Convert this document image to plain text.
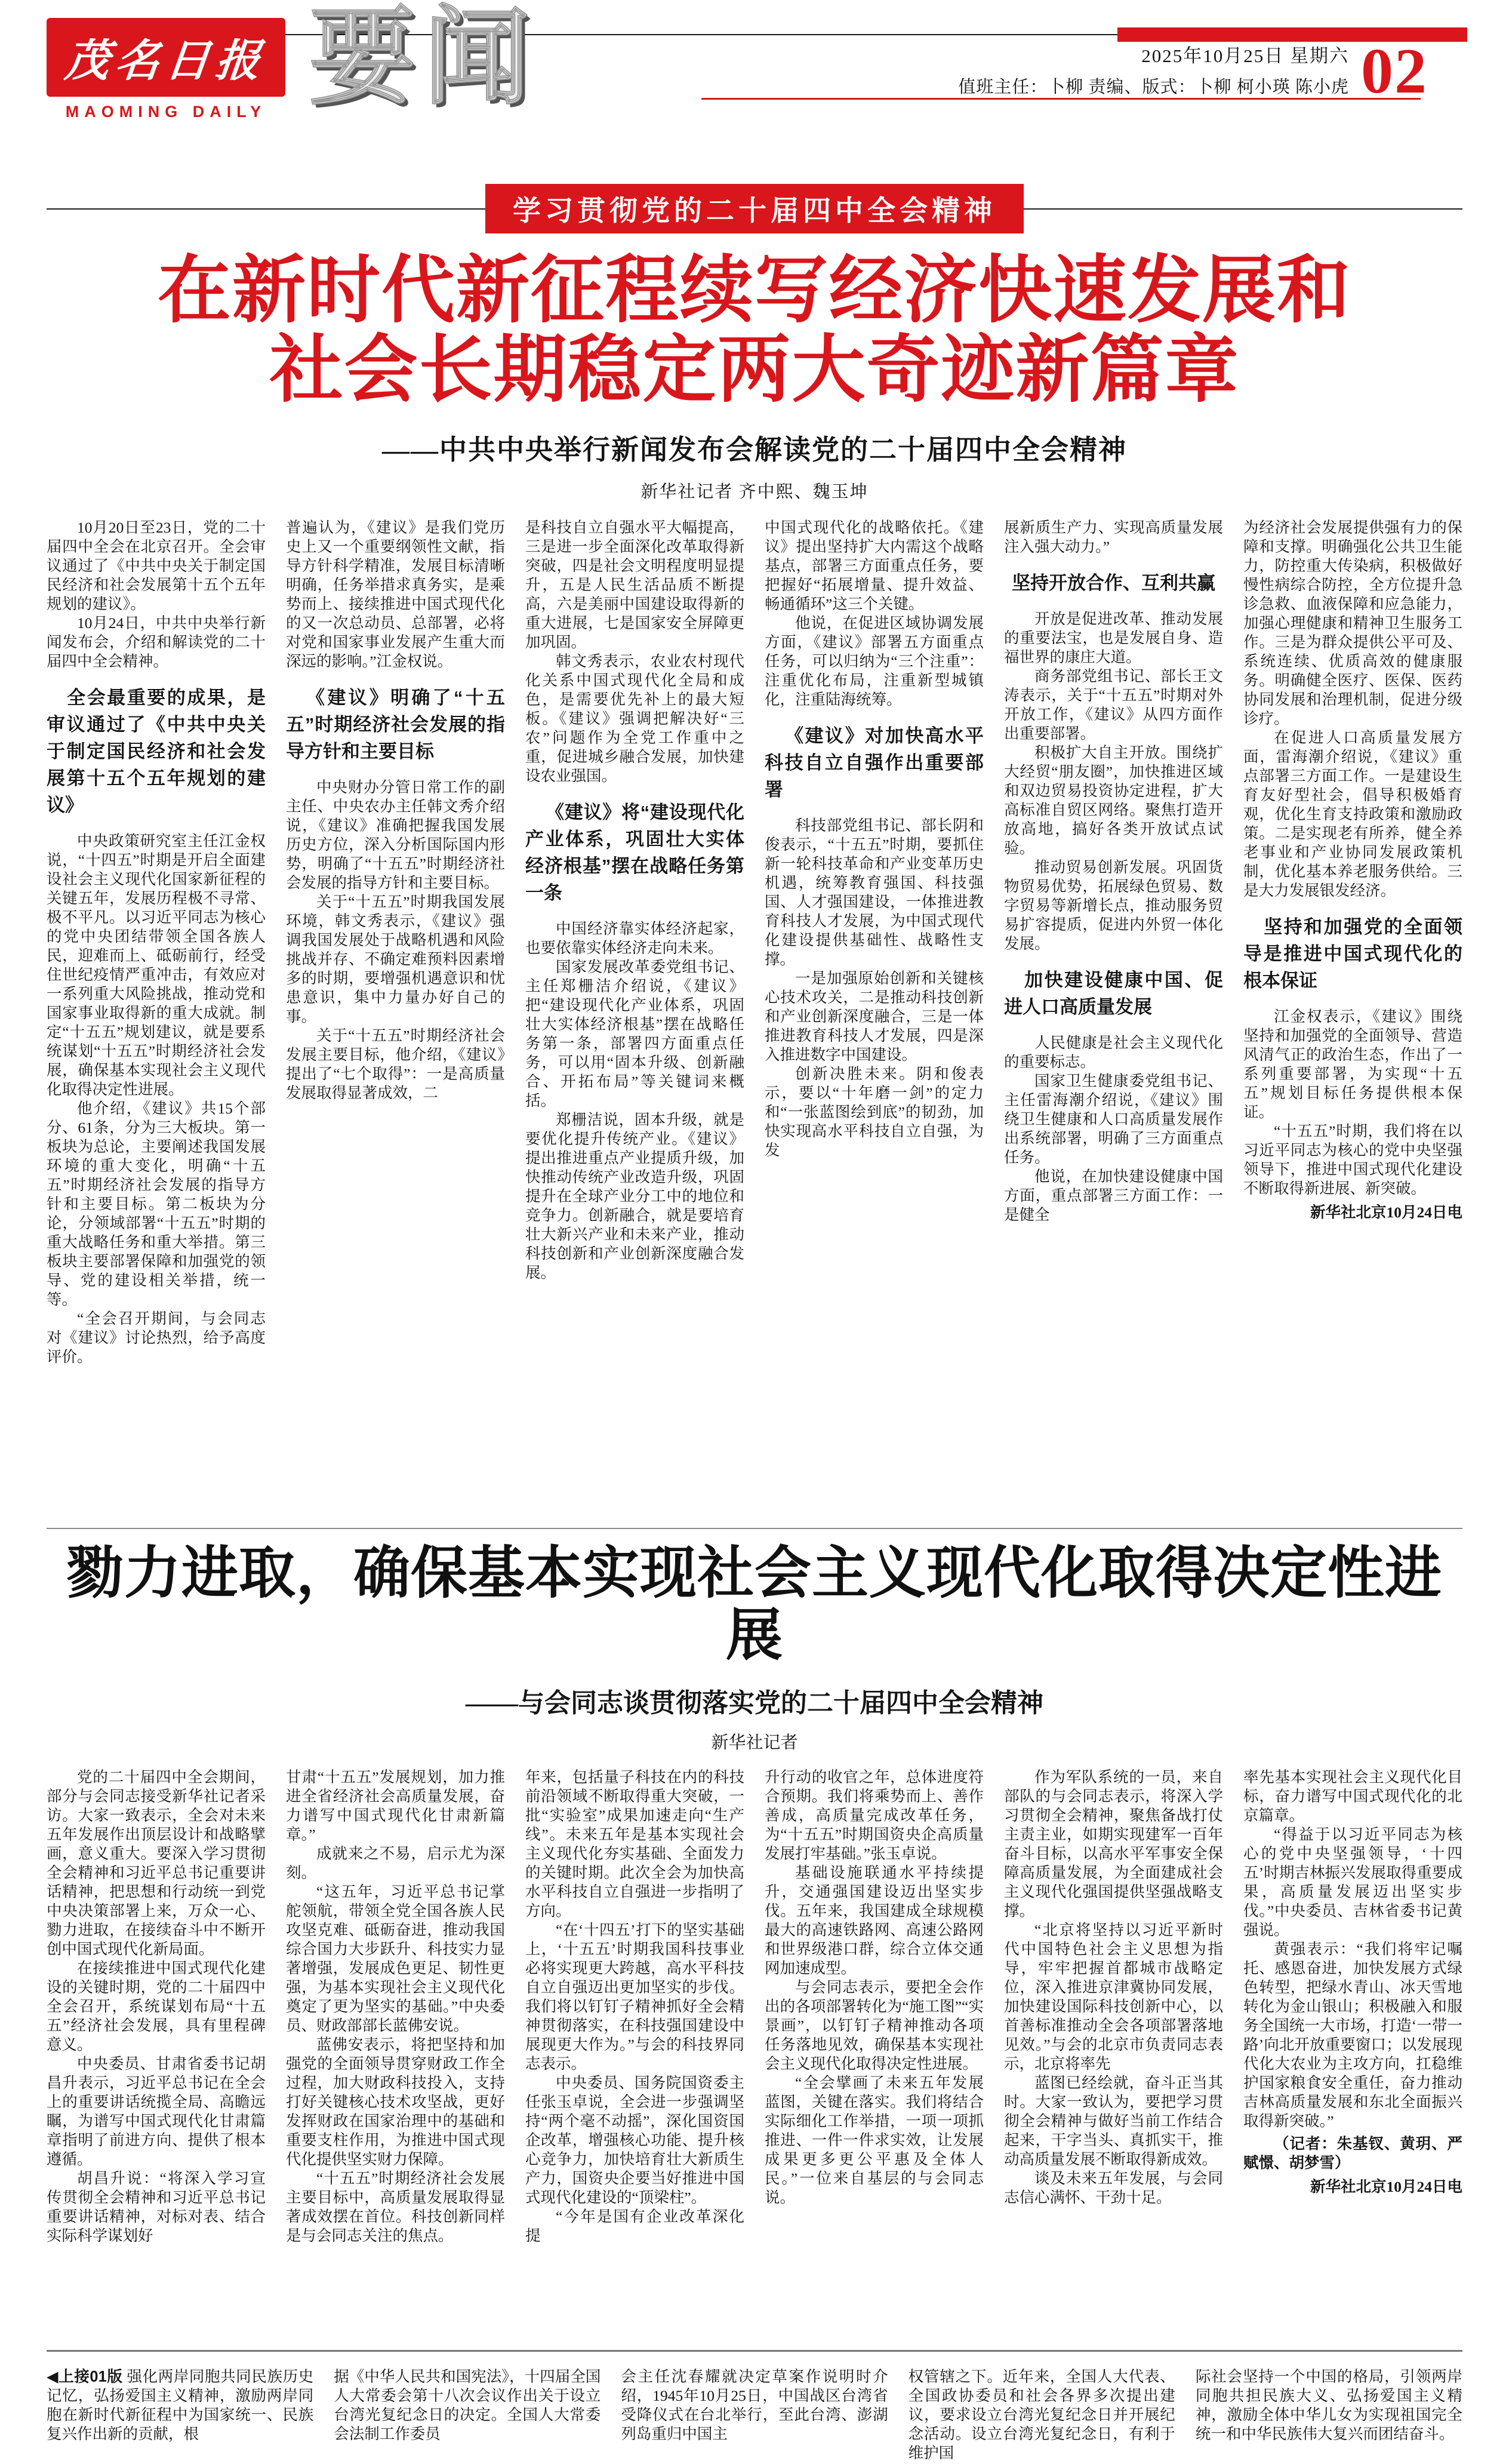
茂名日报
MAOMING DAILY 要闻	2025年10月25日 星期六
值班主任：卜柳 责编、版式：卜柳 柯小瑛 陈小虎 02
学习贯彻党的二十届四中全会精神
在新时代新征程续写经济快速发展和
社会长期稳定两大奇迹新篇章
——中共中央举行新闻发布会解读党的二十届四中全会精神
新华社记者 齐中熙、魏玉坤

10月20日至23日，党的二十届四中全会在北京召开。全会审议通过了《中共中央关于制定国民经济和社会发展第十五个五年规划的建议》。

10月24日，中共中央举行新闻发布会，介绍和解读党的二十届四中全会精神。

全会最重要的成果，是审议通过了《中共中央关于制定国民经济和社会发展第十五个五年规划的建议》

中央政策研究室主任江金权说，“十四五”时期是开启全面建设社会主义现代化国家新征程的关键五年，发展历程极不寻常、极不平凡。以习近平同志为核心的党中央团结带领全国各族人民，迎难而上、砥砺前行，经受住世纪疫情严重冲击，有效应对一系列重大风险挑战，推动党和国家事业取得新的重大成就。制定“十五五”规划建议，就是要系统谋划“十五五”时期经济社会发展，确保基本实现社会主义现代化取得决定性进展。

他介绍，《建议》共15个部分、61条，分为三大板块。第一板块为总论，主要阐述我国发展环境的重大变化，明确“十五五”时期经济社会发展的指导方针和主要目标。第二板块为分论，分领域部署“十五五”时期的重大战略任务和重大举措。第三板块主要部署保障和加强党的领导、党的建设相关举措，统一等。

“全会召开期间，与会同志对《建议》讨论热烈，给予高度评价。

普遍认为，《建议》是我们党历史上又一个重要纲领性文献，指导方针科学精准，发展目标清晰明确，任务举措求真务实，是乘势而上、接续推进中国式现代化的又一次总动员、总部署，必将对党和国家事业发展产生重大而深远的影响。”江金权说。

《建议》明确了“十五五”时期经济社会发展的指导方针和主要目标

中央财办分管日常工作的副主任、中央农办主任韩文秀介绍说，《建议》准确把握我国发展历史方位，深入分析国际国内形势，明确了“十五五”时期经济社会发展的指导方针和主要目标。

关于“十五五”时期我国发展环境，韩文秀表示，《建议》强调我国发展处于战略机遇和风险挑战并存、不确定难预料因素增多的时期，要增强机遇意识和忧患意识，集中力量办好自己的事。

关于“十五五”时期经济社会发展主要目标，他介绍，《建议》提出了“七个取得”：一是高质量发展取得显著成效，二

是科技自立自强水平大幅提高，三是进一步全面深化改革取得新突破，四是社会文明程度明显提升，五是人民生活品质不断提高，六是美丽中国建设取得新的重大进展，七是国家安全屏障更加巩固。

韩文秀表示，农业农村现代化关系中国式现代化全局和成色，是需要优先补上的最大短板。《建议》强调把解决好“三农”问题作为全党工作重中之重，促进城乡融合发展，加快建设农业强国。

《建议》将“建设现代化产业体系，巩固壮大实体经济根基”摆在战略任务第一条

中国经济靠实体经济起家，也要依靠实体经济走向未来。

国家发展改革委党组书记、主任郑栅洁介绍说，《建议》把“建设现代化产业体系，巩固壮大实体经济根基”摆在战略任务第一条，部署四方面重点任务，可以用“固本升级、创新融合、开拓布局”等关键词来概括。

郑栅洁说，固本升级，就是要优化提升传统产业。《建议》提出推进重点产业提质升级，加快推动传统产业改造升级，巩固提升在全球产业分工中的地位和竞争力。创新融合，就是要培育壮大新兴产业和未来产业，推动科技创新和产业创新深度融合发展。

中国式现代化的战略依托。《建议》提出坚持扩大内需这个战略基点，部署三方面重点任务，要把握好“拓展增量、提升效益、畅通循环”这三个关键。

他说，在促进区域协调发展方面，《建议》部署五方面重点任务，可以归纳为“三个注重”：注重优化布局，注重新型城镇化，注重陆海统筹。

《建议》对加快高水平科技自立自强作出重要部署

科技部党组书记、部长阴和俊表示，“十五五”时期，要抓住新一轮科技革命和产业变革历史机遇，统筹教育强国、科技强国、人才强国建设，一体推进教育科技人才发展，为中国式现代化建设提供基础性、战略性支撑。

一是加强原始创新和关键核心技术攻关，二是推动科技创新和产业创新深度融合，三是一体推进教育科技人才发展，四是深入推进数字中国建设。

创新决胜未来。阴和俊表示，要以“十年磨一剑”的定力和“一张蓝图绘到底”的韧劲，加快实现高水平科技自立自强，为发

展新质生产力、实现高质量发展注入强大动力。”

坚持开放合作、互利共赢

开放是促进改革、推动发展的重要法宝，也是发展自身、造福世界的康庄大道。

商务部党组书记、部长王文涛表示，关于“十五五”时期对外开放工作，《建议》从四方面作出重要部署。

积极扩大自主开放。围绕扩大经贸“朋友圈”，加快推进区域和双边贸易投资协定进程，扩大高标准自贸区网络。聚焦打造开放高地，搞好各类开放试点试验。

推动贸易创新发展。巩固货物贸易优势，拓展绿色贸易、数字贸易等新增长点，推动服务贸易扩容提质，促进内外贸一体化发展。

加快建设健康中国、促进人口高质量发展

人民健康是社会主义现代化的重要标志。

国家卫生健康委党组书记、主任雷海潮介绍说，《建议》围绕卫生健康和人口高质量发展作出系统部署，明确了三方面重点任务。

他说，在加快建设健康中国方面，重点部署三方面工作：一是健全

为经济社会发展提供强有力的保障和支撑。明确强化公共卫生能力，防控重大传染病，积极做好慢性病综合防控，全方位提升急诊急救、血液保障和应急能力，加强心理健康和精神卫生服务工作。三是为群众提供公平可及、系统连续、优质高效的健康服务。明确健全医疗、医保、医药协同发展和治理机制，促进分级诊疗。

在促进人口高质量发展方面，雷海潮介绍说，《建议》重点部署三方面工作。一是建设生育友好型社会，倡导积极婚育观，优化生育支持政策和激励政策。二是实现老有所养，健全养老事业和产业协同发展政策机制，优化基本养老服务供给。三是大力发展银发经济。

坚持和加强党的全面领导是推进中国式现代化的根本保证

江金权表示，《建议》围绕坚持和加强党的全面领导、营造风清气正的政治生态，作出了一系列重要部署，为实现“十五五”规划目标任务提供根本保证。

“十五五”时期，我们将在以习近平同志为核心的党中央坚强领导下，推进中国式现代化建设不断取得新进展、新突破。

新华社北京10月24日电

勠力进取，确保基本实现社会主义现代化取得决定性进展
——与会同志谈贯彻落实党的二十届四中全会精神
新华社记者

党的二十届四中全会期间，部分与会同志接受新华社记者采访。大家一致表示，全会对未来五年发展作出顶层设计和战略擘画，意义重大。要深入学习贯彻全会精神和习近平总书记重要讲话精神，把思想和行动统一到党中央决策部署上来，万众一心、勠力进取，在接续奋斗中不断开创中国式现代化新局面。

在接续推进中国式现代化建设的关键时期，党的二十届四中全会召开，系统谋划布局“十五五”经济社会发展，具有里程碑意义。

中央委员、甘肃省委书记胡昌升表示，习近平总书记在全会上的重要讲话统揽全局、高瞻远瞩，为谱写中国式现代化甘肃篇章指明了前进方向、提供了根本遵循。

胡昌升说：“将深入学习宣传贯彻全会精神和习近平总书记重要讲话精神，对标对表、结合实际科学谋划好

甘肃“十五五”发展规划，加力推进全省经济社会高质量发展，奋力谱写中国式现代化甘肃新篇章。”

成就来之不易，启示尤为深刻。

“这五年，习近平总书记掌舵领航，带领全党全国各族人民攻坚克难、砥砺奋进，推动我国综合国力大步跃升、科技实力显著增强，发展成色更足、韧性更强，为基本实现社会主义现代化奠定了更为坚实的基础。”中央委员、财政部部长蓝佛安说。

蓝佛安表示，将把坚持和加强党的全面领导贯穿财政工作全过程，加大财政科技投入，支持打好关键核心技术攻坚战，更好发挥财政在国家治理中的基础和重要支柱作用，为推进中国式现代化提供坚实财力保障。

“十五五”时期经济社会发展主要目标中，高质量发展取得显著成效摆在首位。科技创新同样是与会同志关注的焦点。

年来，包括量子科技在内的科技前沿领域不断取得重大突破，一批“实验室”成果加速走向“生产线”。未来五年是基本实现社会主义现代化夯实基础、全面发力的关键时期。此次全会为加快高水平科技自立自强进一步指明了方向。

“在‘十四五’打下的坚实基础上，‘十五五’时期我国科技事业必将实现更大跨越，高水平科技自立自强迈出更加坚实的步伐。我们将以钉钉子精神抓好全会精神贯彻落实，在科技强国建设中展现更大作为。”与会的科技界同志表示。

中央委员、国务院国资委主任张玉卓说，全会进一步强调坚持“两个毫不动摇”，深化国资国企改革，增强核心功能、提升核心竞争力，加快培育壮大新质生产力，国资央企要当好推进中国式现代化建设的“顶梁柱”。

“今年是国有企业改革深化提

升行动的收官之年，总体进度符合预期。我们将乘势而上、善作善成，高质量完成改革任务，为“十五五”时期国资央企高质量发展打牢基础。”张玉卓说。

基础设施联通水平持续提升，交通强国建设迈出坚实步伐。五年来，我国建成全球规模最大的高速铁路网、高速公路网和世界级港口群，综合立体交通网加速成型。

与会同志表示，要把全会作出的各项部署转化为“施工图”“实景画”，以钉钉子精神推动各项任务落地见效，确保基本实现社会主义现代化取得决定性进展。

“全会擘画了未来五年发展蓝图，关键在落实。我们将结合实际细化工作举措，一项一项抓推进、一件一件求实效，让发展成果更多更公平惠及全体人民。”一位来自基层的与会同志说。

作为军队系统的一员，来自部队的与会同志表示，将深入学习贯彻全会精神，聚焦备战打仗主责主业，如期实现建军一百年奋斗目标，以高水平军事安全保障高质量发展，为全面建成社会主义现代化强国提供坚强战略支撑。

“北京将坚持以习近平新时代中国特色社会主义思想为指导，牢牢把握首都城市战略定位，深入推进京津冀协同发展，加快建设国际科技创新中心，以首善标准推动全会各项部署落地见效。”与会的北京市负责同志表示，北京将率先

蓝图已经绘就，奋斗正当其时。大家一致认为，要把学习贯彻全会精神与做好当前工作结合起来，干字当头、真抓实干，推动高质量发展不断取得新成效。

谈及未来五年发展，与会同志信心满怀、干劲十足。

率先基本实现社会主义现代化目标，奋力谱写中国式现代化的北京篇章。

“得益于以习近平同志为核心的党中央坚强领导，‘十四五’时期吉林振兴发展取得重要成果，高质量发展迈出坚实步伐。”中央委员、吉林省委书记黄强说。

黄强表示：“我们将牢记嘱托、感恩奋进，加快发展方式绿色转型，把绿水青山、冰天雪地转化为金山银山；积极融入和服务全国统一大市场，打造‘一带一路’向北开放重要窗口；以发展现代化大农业为主攻方向，扛稳维护国家粮食安全重任，奋力推动吉林高质量发展和东北全面振兴取得新突破。”

（记者：朱基钗、黄玥、严赋憬、胡梦雪）

新华社北京10月24日电

◀上接01版 强化两岸同胞共同民族历史记忆，弘扬爱国主义精神，激励两岸同胞在新时代新征程中为国家统一、民族复兴作出新的贡献，根

据《中华人民共和国宪法》，十四届全国人大常委会第十八次会议作出关于设立台湾光复纪念日的决定。全国人大常委会法制工作委员

会主任沈春耀就决定草案作说明时介绍，1945年10月25日，中国战区台湾省受降仪式在台北举行，至此台湾、澎湖列岛重归中国主

权管辖之下。近年来，全国人大代表、全国政协委员和社会各界多次提出建议，要求设立台湾光复纪念日并开展纪念活动。设立台湾光复纪念日，有利于维护国

际社会坚持一个中国的格局，引领两岸同胞共担民族大义、弘扬爱国主义精神，激励全体中华儿女为实现祖国完全统一和中华民族伟大复兴而团结奋斗。
